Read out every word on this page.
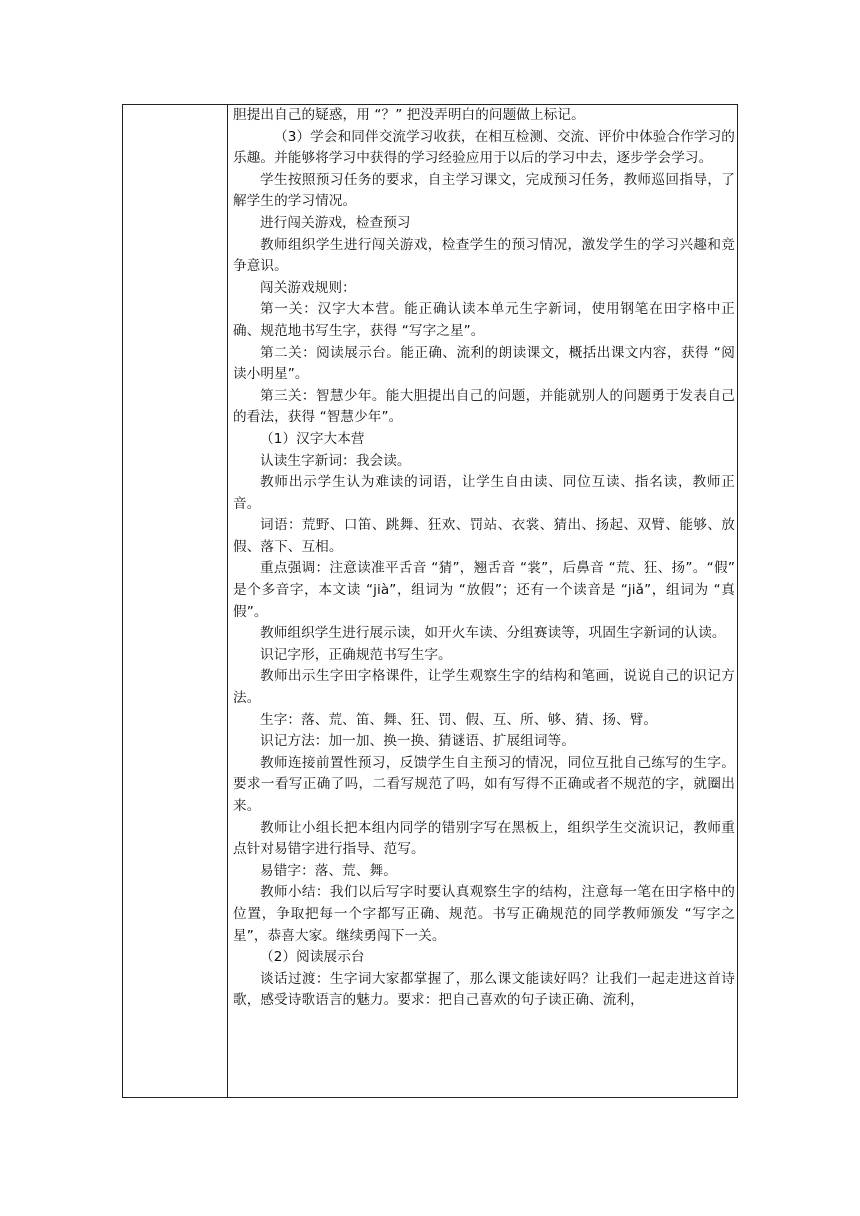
胆提出自己的疑惑，用 “？” 把没弄明白的问题做上标记。

（3）学会和同伴交流学习收获，在相互检测、交流、评价中体验合作学习的乐趣。并能够将学习中获得的学习经验应用于以后的学习中去，逐步学会学习。

学生按照预习任务的要求，自主学习课文，完成预习任务，教师巡回指导，了解学生的学习情况。

进行闯关游戏，检查预习

教师组织学生进行闯关游戏，检查学生的预习情况，激发学生的学习兴趣和竞争意识。

闯关游戏规则：

第一关：汉字大本营。能正确认读本单元生字新词，使用钢笔在田字格中正确、规范地书写生字，获得 “写字之星”。

第二关：阅读展示台。能正确、流利的朗读课文，概括出课文内容，获得 “阅读小明星”。

第三关：智慧少年。能大胆提出自己的问题，并能就别人的问题勇于发表自己的看法，获得 “智慧少年”。

（1）汉字大本营

认读生字新词：我会读。

教师出示学生认为难读的词语，让学生自由读、同位互读、指名读，教师正音。

词语：荒野、口笛、跳舞、狂欢、罚站、衣裳、猜出、扬起、双臂、能够、放假、落下、互相。

重点强调：注意读准平舌音 “猜”，翘舌音 “裳”，后鼻音 “荒、狂、扬”。“假” 是个多音字，本文读 “jià”，组词为 “放假”；还有一个读音是 “jiǎ”，组词为 “真假”。

教师组织学生进行展示读，如开火车读、分组赛读等，巩固生字新词的认读。

识记字形，正确规范书写生字。

教师出示生字田字格课件，让学生观察生字的结构和笔画，说说自己的识记方法。

生字：落、荒、笛、舞、狂、罚、假、互、所、够、猜、扬、臂。

识记方法：加一加、换一换、猜谜语、扩展组词等。

教师连接前置性预习，反馈学生自主预习的情况，同位互批自己练写的生字。要求一看写正确了吗，二看写规范了吗，如有写得不正确或者不规范的字，就圈出来。

教师让小组长把本组内同学的错别字写在黑板上，组织学生交流识记，教师重点针对易错字进行指导、范写。

易错字：落、荒、舞。

教师小结：我们以后写字时要认真观察生字的结构，注意每一笔在田字格中的位置，争取把每一个字都写正确、规范。书写正确规范的同学教师颁发 “写字之星”，恭喜大家。继续勇闯下一关。

（2）阅读展示台

谈话过渡：生字词大家都掌握了，那么课文能读好吗？让我们一起走进这首诗歌，感受诗歌语言的魅力。要求：把自己喜欢的句子读正确、流利，
